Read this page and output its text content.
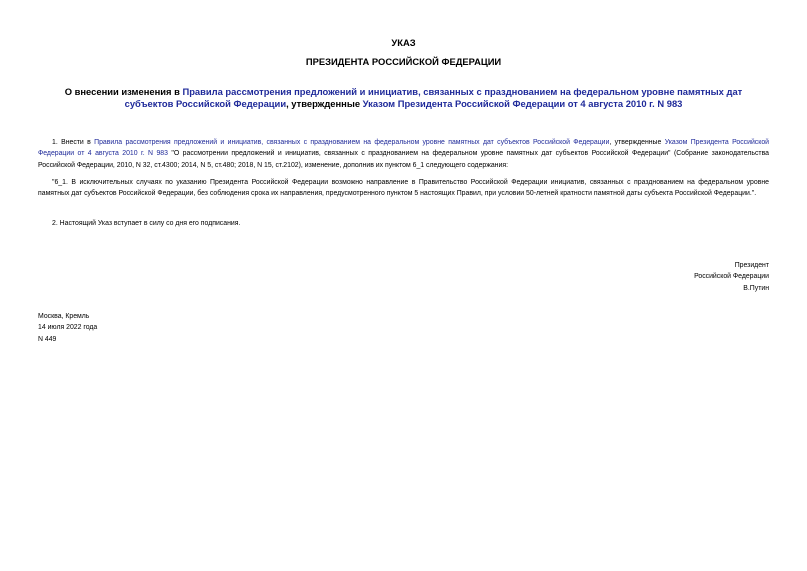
УКАЗ

ПРЕЗИДЕНТА РОССИЙСКОЙ ФЕДЕРАЦИИ

О внесении изменения в Правила рассмотрения предложений и инициатив, связанных с празднованием на федеральном уровне памятных дат субъектов Российской Федерации, утвержденные Указом Президента Российской Федерации от 4 августа 2010 г. N 983

1. Внести в Правила рассмотрения предложений и инициатив, связанных с празднованием на федеральном уровне памятных дат субъектов Российской Федерации, утвержденные Указом Президента Российской Федерации от 4 августа 2010 г. N 983 "О рассмотрении предложений и инициатив, связанных с празднованием на федеральном уровне памятных дат субъектов Российской Федерации" (Собрание законодательства Российской Федерации, 2010, N 32, ст.4300; 2014, N 5, ст.480; 2018, N 15, ст.2102), изменение, дополнив их пунктом 6_1 следующего содержания:

"6_1. В исключительных случаях по указанию Президента Российской Федерации возможно направление в Правительство Российской Федерации инициатив, связанных с празднованием на федеральном уровне памятных дат субъектов Российской Федерации, без соблюдения срока их направления, предусмотренного пунктом 5 настоящих Правил, при условии 50-летней кратности памятной даты субъекта Российской Федерации.".

2. Настоящий Указ вступает в силу со дня его подписания.

Президент
Российской Федерации
В.Путин

Москва, Кремль
14 июля 2022 года
N 449
